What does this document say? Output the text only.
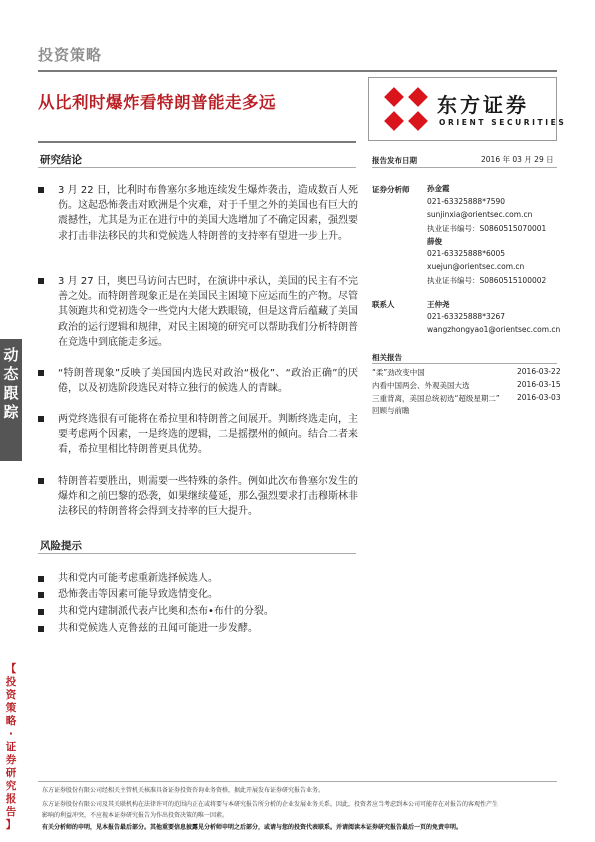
投资策略
从比利时爆炸看特朗普能走多远	东方证券
ORIENT SECURITIES
动
态
跟
踪
【
投
资
策
略
·
证
券
研
究
报
告
】
研究结论
3 月 22 日，比利时布鲁塞尔多地连续发生爆炸袭击，造成数百人死伤。这起恐怖袭击对欧洲是个灾难，对于千里之外的美国也有巨大的震撼性，尤其是为正在进行中的美国大选增加了不确定因素，强烈要求打击非法移民的共和党候选人特朗普的支持率有望进一步上升。
3 月 27 日，奥巴马访问古巴时，在演讲中承认，美国的民主有不完善之处。而特朗普现象正是在美国民主困境下应运而生的产物。尽管其领跑共和党初选令一些党内大佬大跌眼镜，但是这背后蕴藏了美国政治的运行逻辑和规律，对民主困境的研究可以帮助我们分析特朗普在竞选中到底能走多远。
“特朗普现象”反映了美国国内选民对政治“极化”、“政治正确”的厌倦，以及初选阶段选民对特立独行的候选人的青睐。
两党终选很有可能将在希拉里和特朗普之间展开。判断终选走向，主要考虑两个因素，一是终选的逻辑，二是摇摆州的倾向。结合二者来看，希拉里相比特朗普更具优势。
特朗普若要胜出，则需要一些特殊的条件。例如此次布鲁塞尔发生的爆炸和之前巴黎的恐袭，如果继续蔓延，那么强烈要求打击穆斯林非法移民的特朗普将会得到支持率的巨大提升。
风险提示
共和党内可能考虑重新选择候选人。
恐怖袭击等因素可能导致选情变化。
共和党内建制派代表卢比奥和杰布•布什的分裂。
共和党候选人克鲁兹的丑闻可能进一步发酵。
报告发布日期	2016 年 03 月 29 日
证券分析师 孙金霞
021-63325888*7590
sunjinxia@orientsec.com.cn
执业证书编号：S0860515070001
薛俊
021-63325888*6005
xuejun@orientsec.com.cn
执业证书编号：S0860515100002
联系人	王仲尧
021-63325888*3267
wangzhongyao1@orientsec.com.cn
相关报告
“柔”劲改变中国	2016-03-22
内看中国两会、外观美国大选	2016-03-15
三重背离，美国总统初选“超级星期二” 2016-03-03
回顾与前瞻
东方证券股份有限公司经相关主管机关核准具备证券投资咨询业务资格，据此开展发布证券研究报告业务。
东方证券股份有限公司及其关联机构在法律许可的范围内正在或将要与本研究报告所分析的企业发展业务关系。因此，投资者应当考虑到本公司可能存在对报告的客观性产生
影响的利益冲突，不应视本证券研究报告为作出投资决策的唯一因素。
有关分析师的申明，见本报告最后部分。其他重要信息披露见分析师申明之后部分，或请与您的投资代表联系。并请阅读本证券研究报告最后一页的免责申明。
